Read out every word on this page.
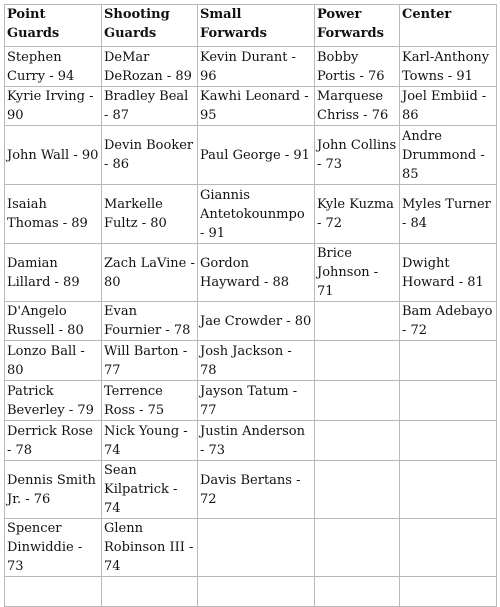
Point Guards	Shooting Guards	Small Forwards	Power Forwards	Center
Stephen Curry - 94	DeMar DeRozan - 89	Kevin Durant - 96	Bobby Portis - 76	Karl-Anthony Towns - 91
Kyrie Irving - 90	Bradley Beal - 87	Kawhi Leonard - 95	Marquese Chriss - 76	Joel Embiid - 86
John Wall - 90	Devin Booker - 86	Paul George - 91	John Collins - 73	Andre Drummond - 85
Isaiah Thomas - 89	Markelle Fultz - 80	Giannis Antetokounmpo - 91	Kyle Kuzma - 72	Myles Turner - 84
Damian Lillard - 89	Zach LaVine - 80	Gordon Hayward - 88	Brice Johnson - 71	Dwight Howard - 81
D'Angelo Russell - 80	Evan Fournier - 78	Jae Crowder - 80		Bam Adebayo - 72
Lonzo Ball - 80	Will Barton - 77	Josh Jackson - 78		
Patrick Beverley - 79	Terrence Ross - 75	Jayson Tatum - 77		
Derrick Rose - 78	Nick Young - 74	Justin Anderson - 73		
Dennis Smith Jr. - 76	Sean Kilpatrick - 74	Davis Bertans - 72		
Spencer Dinwiddie - 73	Glenn Robinson III - 74			
